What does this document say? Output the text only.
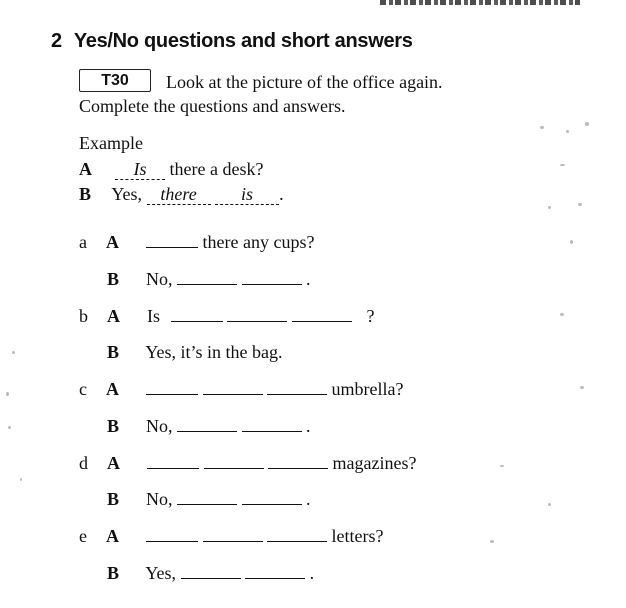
2 Yes/No questions and short answers
T30	Look at the picture of the office again.
Complete the questions and answers.
Example
A Is there a desk?
B Yes, there is .
a A	there any cups?
B No,	.
b A Is	?
B Yes, it’s in the bag.
c A	umbrella?
B No,	.
d A	magazines?
B No,	.
e A	letters?
B Yes,	.
